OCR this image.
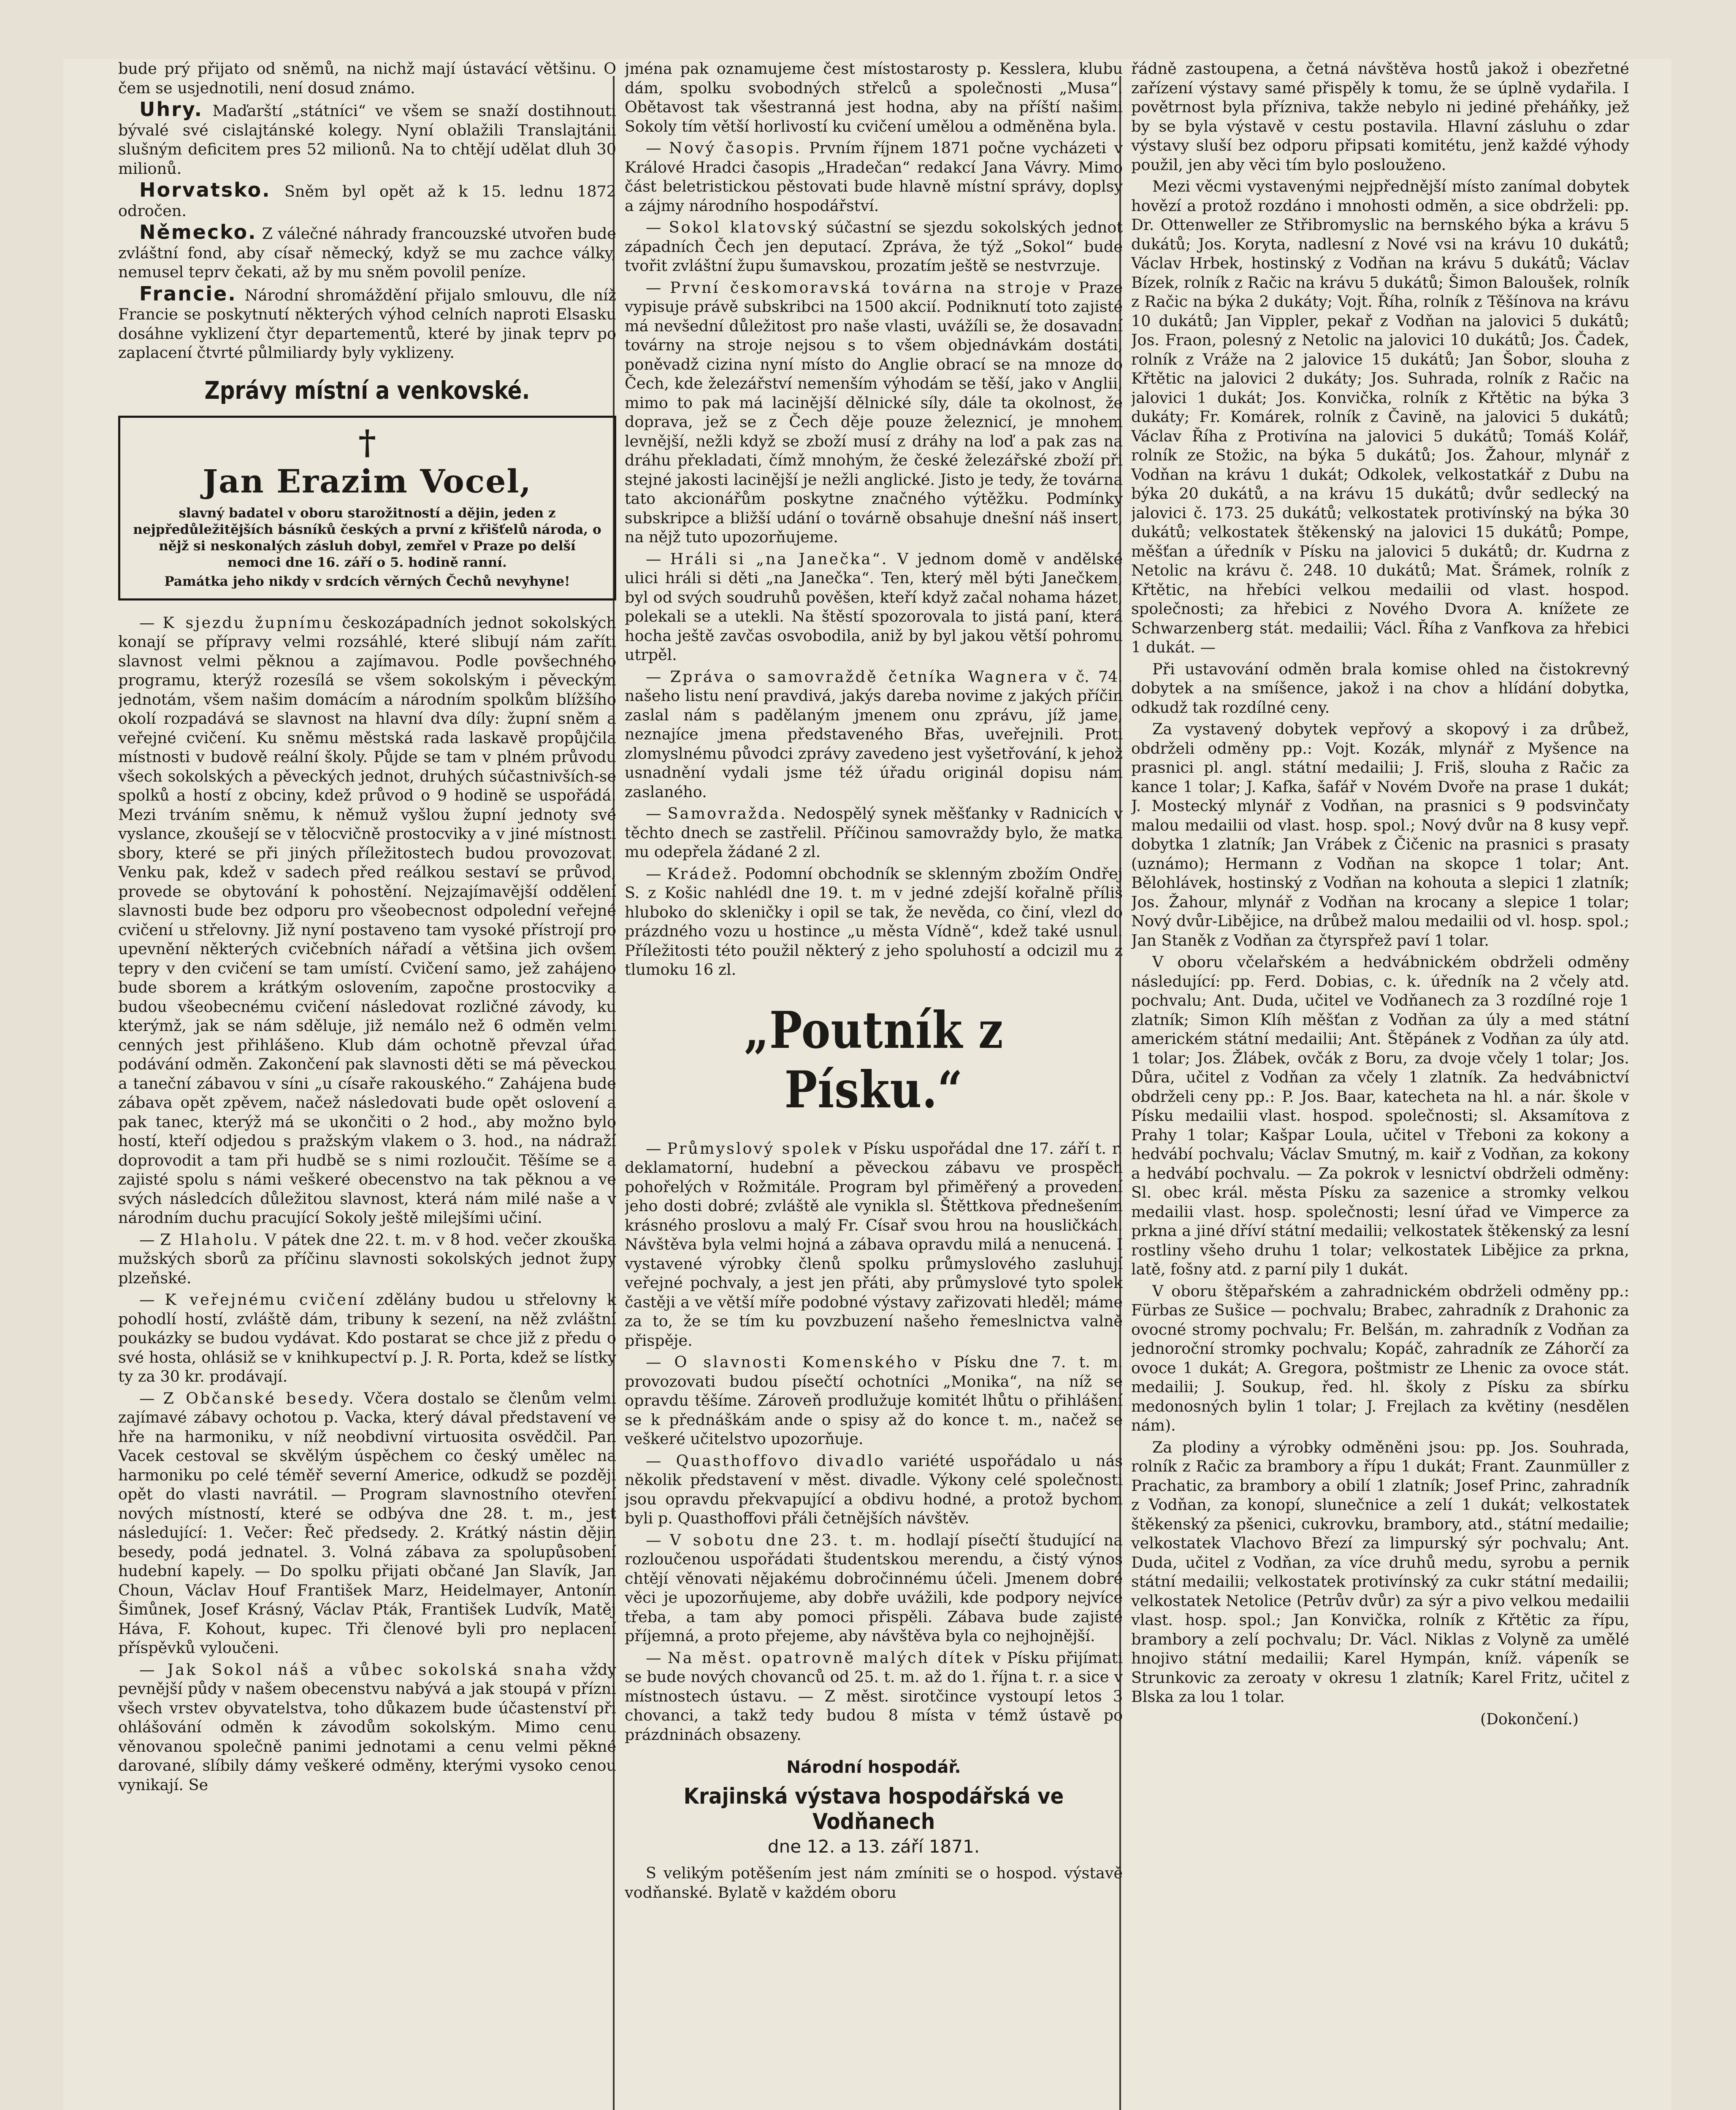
bude prý přijato od sněmů, na nichž mají ústavácí většinu. O čem se usjednotili, není dosud známo.

Uhry. Maďarští „státníci“ ve všem se snaží dostihnouti bývalé své cislajtánské kolegy. Nyní oblažili Translajtánii slušným deficitem pres 52 milionů. Na to chtějí udělat dluh 30 milionů.

Horvatsko. Sněm byl opět až k 15. lednu 1872 odročen.

Německo. Z válečné náhrady francouzské utvořen bude zvláštní fond, aby císař německý, když se mu zachce války, nemusel teprv čekati, až by mu sněm povolil peníze.

Francie. Národní shromáždění přijalo smlouvu, dle níž Francie se poskytnutí některých výhod celních naproti Elsasku dosáhne vyklizení čtyr departementů, které by jinak teprv po zaplacení čtvrté půlmiliardy byly vyklizeny.

Zprávy místní a venkovské.
†
Jan Erazim Vocel,
slavný badatel v oboru starožitností a dějin, jeden z nejpředůležitějších básníků českých a první z křišťelů národa, o nějž si neskonalých zásluh dobyl, zemřel v Praze po delší nemoci dne 16. září o 5. hodině ranní.
Památka jeho nikdy v srdcích věrných Čechů nevyhyne!

— K sjezdu župnímu českozápadních jednot sokolských konají se přípravy velmi rozsáhlé, které slibují nám zaříti slavnost velmi pěknou a zajímavou. Podle povšechného programu, kterýž rozesílá se všem sokolským i pěveckým jednotám, všem našim domácím a národním spolkům blížšího okolí rozpadává se slavnost na hlavní dva díly: župní sněm a veřejné cvičení. Ku sněmu městská rada laskavě propůjčila místnosti v budově reální školy. Půjde se tam v plném průvodu všech sokolských a pěveckých jednot, druhých súčastnivších-se spolků a hostí z obciny, kdež průvod o 9 hodině se uspořádá. Mezi trváním sněmu, k němuž vyšlou župní jednoty své vyslance, zkoušejí se v tělocvičně prostocviky a v jiné místnosti sbory, které se při jiných příležitostech budou provozovat. Venku pak, kdež v sadech před reálkou sestaví se průvod, provede se obytování k pohostění. Nejzajímavější oddělení slavnosti bude bez odporu pro všeobecnost odpolední veřejné cvičení u střelovny. Již nyní postaveno tam vysoké přístrojí pro upevnění některých cvičebních nářadí a většina jich ovšem tepry v den cvičení se tam umístí. Cvičení samo, jež zahájeno bude sborem a krátkým oslovením, započne prostocviky a budou všeobecnému cvičení následovat rozličné závody, ku kterýmž, jak se nám sděluje, již nemálo než 6 odměn velmi cenných jest přihlášeno. Klub dám ochotně převzal úřad podávání odměn. Zakončení pak slavnosti děti se má pěveckou a taneční zábavou v síni „u císaře rakouského.“ Zahájena bude zábava opět zpěvem, načež následovati bude opět oslovení a pak tanec, kterýž má se ukončiti o 2 hod., aby možno bylo hostí, kteří odjedou s pražským vlakem o 3. hod., na nádraží doprovodit a tam při hudbě se s nimi rozloučit. Těšíme se a zajisté spolu s námi veškeré obecenstvo na tak pěknou a ve svých následcích důležitou slavnost, která nám milé naše a v národním duchu pracující Sokoly ještě milejšími učiní.

— Z Hlaholu. V pátek dne 22. t. m. v 8 hod. večer zkouška mužských sborů za příčinu slavnosti sokolských jednot župy plzeňské.

— K veřejnému cvičení zdělány budou u střelovny k pohodlí hostí, zvláště dám, tribuny k sezení, na něž zvláštní poukázky se budou vydávat. Kdo postarat se chce již z předu o své hosta, ohlásiž se v knihkupectví p. J. R. Porta, kdež se lístky ty za 30 kr. prodávají.

— Z Občanské besedy. Včera dostalo se členům velmi zajímavé zábavy ochotou p. Vacka, který dával představení ve hře na harmoniku, v níž neobdivní virtuosita osvědčil. Pan Vacek cestoval se skvělým úspěchem co český umělec na harmoniku po celé téměř severní Americe, odkudž se později opět do vlasti navrátil. — Program slavnostního otevření nových místností, které se odbýva dne 28. t. m., jest následující: 1. Večer: Řeč předsedy. 2. Krátký nástin dějin besedy, podá jednatel. 3. Volná zábava za spolupůsobení hudební kapely. — Do spolku přijati občané Jan Slavík, Jan Choun, Václav Houf František Marz, Heidelmayer, Antonín Šimůnek, Josef Krásný, Václav Pták, František Ludvík, Matěj Háva, F. Kohout, kupec. Tři členové byli pro neplacení příspěvků vyloučeni.

— Jak Sokol náš a vůbec sokolská snaha vždy pevnější půdy v našem obecenstvu nabývá a jak stoupá v přízni všech vrstev obyvatelstva, toho důkazem bude účastenství při ohlášování odměn k závodům sokolským. Mimo cenu věnovanou společně panimi jednotami a cenu velmi pěkné darované, slíbily dámy veškeré odměny, kterými vysoko cenou vynikají. Se

jména pak oznamujeme čest místostarosty p. Kesslera, klubu dám, spolku svobodných střelců a společnosti „Musa“. Obětavost tak všestranná jest hodna, aby na příští našimi Sokoly tím větší horlivostí ku cvičení umělou a odměněna byla.

— Nový časopis. Prvním říjnem 1871 počne vycházeti v Králové Hradci časopis „Hradečan“ redakcí Jana Vávry. Mimo část beletristickou pěstovati bude hlavně místní správy, doplsy a zájmy národního hospodářství.

— Sokol klatovský súčastní se sjezdu sokolských jednot západních Čech jen deputací. Zpráva, že týž „Sokol“ bude tvořit zvláštní župu šumavskou, prozatím ještě se nestvrzuje.

— První českomoravská továrna na stroje v Praze vypisuje právě subskribci na 1500 akcií. Podniknutí toto zajisté má nevšední důležitost pro naše vlasti, uvážíli se, že dosavadní továrny na stroje nejsou s to všem objednávkám dostáti, poněvadž cizina nyní místo do Anglie obrací se na mnoze do Čech, kde železářství nemenším výhodám se těší, jako v Anglii, mimo to pak má lacinější dělnické síly, dále ta okolnost, že doprava, jež se z Čech děje pouze železnicí, je mnohem levnější, nežli když se zboží musí z dráhy na loď a pak zas na dráhu překladati, čímž mnohým, že české železářské zboží při stejné jakosti lacinější je nežli anglické. Jisto je tedy, že továrna tato akcionářům poskytne značného výtěžku. Podmínky subskripce a bližší udání o továrně obsahuje dnešní náš insert, na nějž tuto upozorňujeme.

— Hráli si „na Janečka“. V jednom domě v andělské ulici hráli si děti „na Janečka“. Ten, který měl býti Janečkem, byl od svých soudruhů pověšen, kteří když začal nohama házet, polekali se a utekli. Na štěstí spozorovala to jistá paní, která hocha ještě zavčas osvobodila, aniž by byl jakou větší pohromu utrpěl.

— Zpráva o samovraždě četníka Wagnera v č. 74. našeho listu není pravdivá, jakýs dareba novime z jakých příčin zaslal nám s padělaným jmenem onu zprávu, jíž jame, neznajíce jmena představeného Břas, uveřejnili. Proti zlomyslnému původci zprávy zavedeno jest vyšetřování, k jehož usnadnění vydali jsme též úřadu originál dopisu nám zaslaného.

— Samovražda. Nedospělý synek měšťanky v Radnicích v těchto dnech se zastřelil. Příčinou samovraždy bylo, že matka mu odepřela žádané 2 zl.

— Krádež. Podomní obchodník se sklenným zbožím Ondřej S. z Košic nahlédl dne 19. t. m v jedné zdejší kořalně příliš hluboko do skleničky i opil se tak, že nevěda, co činí, vlezl do prázdného vozu u hostince „u města Vídně“, kdež také usnul. Příležitosti této použil některý z jeho spoluhostí a odcizil mu z tlumoku 16 zl.

„Poutník z Písku.“

— Průmyslový spolek v Písku uspořádal dne 17. září t. r. deklamatorní, hudební a pěveckou zábavu ve prospěch pohořelých v Rožmitále. Program byl přiměřený a provedení jeho dosti dobré; zvláště ale vynikla sl. Štěttkova přednešením krásného proslovu a malý Fr. Císař svou hrou na housličkách. Návštěva byla velmi hojná a zábava opravdu milá a nenucená. I vystavené výrobky členů spolku průmyslového zasluhují veřejné pochvaly, a jest jen přáti, aby průmyslové tyto spolek častěji a ve větší míře podobné výstavy zařizovati hleděl; máme za to, že se tím ku povzbuzení našeho řemeslnictva valně přispěje.

— O slavnosti Komenského v Písku dne 7. t. m. provozovati budou písečtí ochotníci „Monika“, na níž se opravdu těšíme. Zároveň prodlužuje komitét lhůtu o přihlášení se k přednáškám ande o spisy až do konce t. m., načež se veškeré učitelstvo upozorňuje.

— Quasthoffovo divadlo variété uspořádalo u nás několik představení v měst. divadle. Výkony celé společnosti jsou opravdu překvapující a obdivu hodné, a protož bychom byli p. Quasthoffovi přáli četnějších návštěv.

— V sobotu dne 23. t. m. hodlají písečtí študující na rozloučenou uspořádati študentskou merendu, a čistý výnos chtějí věnovati nějakému dobročinnému účeli. Jmenem dobré věci je upozorňujeme, aby dobře uvážili, kde podpory nejvíce třeba, a tam aby pomoci přispěli. Zábava bude zajisté příjemná, a proto přejeme, aby návštěva byla co nejhojnější.

— Na měst. opatrovně malých dítek v Písku přijímati se bude nových chovanců od 25. t. m. až do 1. října t. r. a sice v místnostech ústavu. — Z měst. sirotčince vystoupí letos 3 chovanci, a takž tedy budou 8 místa v témž ústavě po prázdninách obsazeny.

Národní hospodář.
Krajinská výstava hospodářská ve Vodňanech
dne 12. a 13. září 1871.

S velikým potěšením jest nám zmíniti se o hospod. výstavě vodňanské. Bylatě v každém oboru

řádně zastoupena, a četná návštěva hostů jakož i obezřetné zařízení výstavy samé přispěly k tomu, že se úplně vydařila. I povětrnost byla přízniva, takže nebylo ni jediné přeháňky, jež by se byla výstavě v cestu postavila. Hlavní zásluhu o zdar výstavy sluší bez odporu připsati komitétu, jenž každé výhody použil, jen aby věci tím bylo poslouženo.

Mezi věcmi vystavenými nejpřednější místo zanímal dobytek hovězí a protož rozdáno i mnohosti odměn, a sice obdrželi: pp. Dr. Ottenweller ze Střibromyslic na bernského býka a krávu 5 dukátů; Jos. Koryta, nadlesní z Nové vsi na krávu 10 dukátů; Václav Hrbek, hostinský z Vodňan na krávu 5 dukátů; Václav Bízek, rolník z Račic na krávu 5 dukátů; Šimon Baloušek, rolník z Račic na býka 2 dukáty; Vojt. Říha, rolník z Těšínova na krávu 10 dukátů; Jan Vippler, pekař z Vodňan na jalovici 5 dukátů; Jos. Fraon, polesný z Netolic na jalovici 10 dukátů; Jos. Čadek, rolník z Vráže na 2 jalovice 15 dukátů; Jan Šobor, slouha z Křtětic na jalovici 2 dukáty; Jos. Suhrada, rolník z Račic na jalovici 1 dukát; Jos. Konvička, rolník z Křtětic na býka 3 dukáty; Fr. Komárek, rolník z Čavině, na jalovici 5 dukátů; Václav Říha z Protivína na jalovici 5 dukátů; Tomáš Kolář, rolník ze Stožic, na býka 5 dukátů; Jos. Žahour, mlynář z Vodňan na krávu 1 dukát; Odkolek, velkostatkář z Dubu na býka 20 dukátů, a na krávu 15 dukátů; dvůr sedlecký na jalovici č. 173. 25 dukátů; velkostatek protivínský na býka 30 dukátů; velkostatek štěkenský na jalovici 15 dukátů; Pompe, měšťan a úředník v Písku na jalovici 5 dukátů; dr. Kudrna z Netolic na krávu č. 248. 10 dukátů; Mat. Šrámek, rolník z Křtětic, na hřebíci velkou medailii od vlast. hospod. společnosti; za hřebici z Nového Dvora A. knížete ze Schwarzenberg stát. medailii; Václ. Říha z Vanfkova za hřebici 1 dukát. —

Při ustavování odměn brala komise ohled na čistokrevný dobytek a na smíšence, jakož i na chov a hlídání dobytka, odkudž tak rozdílné ceny.

Za vystavený dobytek vepřový a skopový i za drůbež, obdrželi odměny pp.: Vojt. Kozák, mlynář z Myšence na prasnici pl. angl. státní medailii; J. Friš, slouha z Račic za kance 1 tolar; J. Kafka, šafář v Novém Dvoře na prase 1 dukát; J. Mostecký mlynář z Vodňan, na prasnici s 9 podsvinčaty malou medailii od vlast. hosp. spol.; Nový dvůr na 8 kusy vepř. dobytka 1 zlatník; Jan Vrábek z Čičenic na prasnici s prasaty (uznámo); Hermann z Vodňan na skopce 1 tolar; Ant. Bělohlávek, hostinský z Vodňan na kohouta a slepici 1 zlatník; Jos. Žahour, mlynář z Vodňan na krocany a slepice 1 tolar; Nový dvůr-Libějice, na drůbež malou medailii od vl. hosp. spol.; Jan Staněk z Vodňan za čtyrspřež paví 1 tolar.

V oboru včelařském a hedvábnickém obdrželi odměny následující: pp. Ferd. Dobias, c. k. úředník na 2 včely atd. pochvalu; Ant. Duda, učitel ve Vodňanech za 3 rozdílné roje 1 zlatník; Simon Klíh měšťan z Vodňan za úly a med státní americkém státní medailii; Ant. Štěpánek z Vodňan za úly atd. 1 tolar; Jos. Žlábek, ovčák z Boru, za dvoje včely 1 tolar; Jos. Důra, učitel z Vodňan za včely 1 zlatník. Za hedvábnictví obdrželi ceny pp.: P. Jos. Baar, katecheta na hl. a nár. škole v Písku medailii vlast. hospod. společnosti; sl. Aksamítova z Prahy 1 tolar; Kašpar Loula, učitel v Třeboni za kokony a hedvábí pochvalu; Václav Smutný, m. kaiř z Vodňan, za kokony a hedvábí pochvalu. — Za pokrok v lesnictví obdrželi odměny: Sl. obec král. města Písku za sazenice a stromky velkou medailii vlast. hosp. společnosti; lesní úřad ve Vimperce za prkna a jiné dříví státní medailii; velkostatek štěkenský za lesní rostliny všeho druhu 1 tolar; velkostatek Libějice za prkna, latě, fošny atd. z parní pily 1 dukát.

V oboru štěpařském a zahradnickém obdrželi odměny pp.: Fürbas ze Sušice — pochvalu; Brabec, zahradník z Drahonic za ovocné stromy pochvalu; Fr. Belšán, m. zahradník z Vodňan za jednoroční stromky pochvalu; Kopáč, zahradník ze Záhorčí za ovoce 1 dukát; A. Gregora, poštmistr ze Lhenic za ovoce stát. medailii; J. Soukup, řed. hl. školy z Písku za sbírku medonosných bylin 1 tolar; J. Frejlach za květiny (nesdělen nám).

Za plodiny a výrobky odměněni jsou: pp. Jos. Souhrada, rolník z Račic za brambory a řípu 1 dukát; Frant. Zaunmüller z Prachatic, za brambory a obilí 1 zlatník; Josef Princ, zahradník z Vodňan, za konopí, slunečnice a zelí 1 dukát; velkostatek štěkenský za pšenici, cukrovku, brambory, atd., státní medailie; velkostatek Vlachovo Březí za limpurský sýr pochvalu; Ant. Duda, učitel z Vodňan, za více druhů medu, syrobu a pernik státní medailii; velkostatek protivínský za cukr státní medailii; velkostatek Netolice (Petrův dvůr) za sýr a pivo velkou medailii vlast. hosp. spol.; Jan Konvička, rolník z Křtětic za řípu, brambory a zelí pochvalu; Dr. Václ. Niklas z Volyně za umělé hnojivo státní medailii; Karel Hympán, kníž. vápeník se Strunkovic za zeroaty v okresu 1 zlatník; Karel Fritz, učitel z Blska za lou 1 tolar.

(Dokončení.)
